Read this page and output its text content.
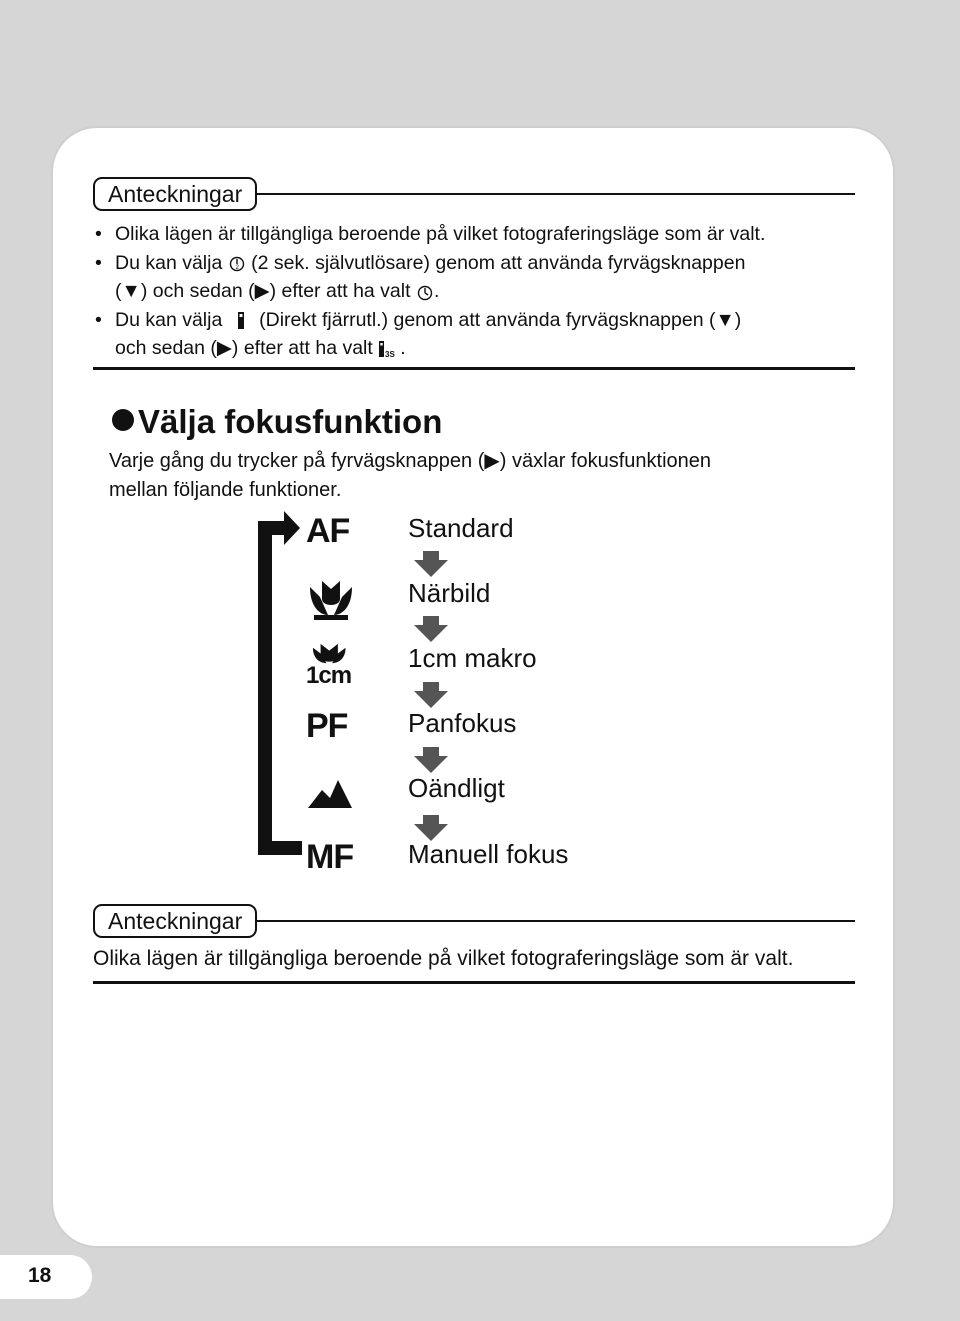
Anteckningar
• Olika lägen är tillgängliga beroende på vilket fotograferingsläge som är valt.
• Du kan välja 2 (2 sek. självutlösare) genom att använda fyrvägsknappen
(▼) och sedan (▶) efter att ha valt .
• Du kan välja  (Direkt fjärrutl.) genom att använda fyrvägsknappen (▼)
och sedan (▶) efter att ha valt 3S .
Välja fokusfunktion
Varje gång du trycker på fyrvägsknappen (▶) växlar fokusfunktionen
mellan följande funktioner.
AF Standard
Närbild
1cm
1cm makro
PF Panfokus
Oändligt
MF Manuell fokus
Anteckningar
Olika lägen är tillgängliga beroende på vilket fotograferingsläge som är valt.
18
